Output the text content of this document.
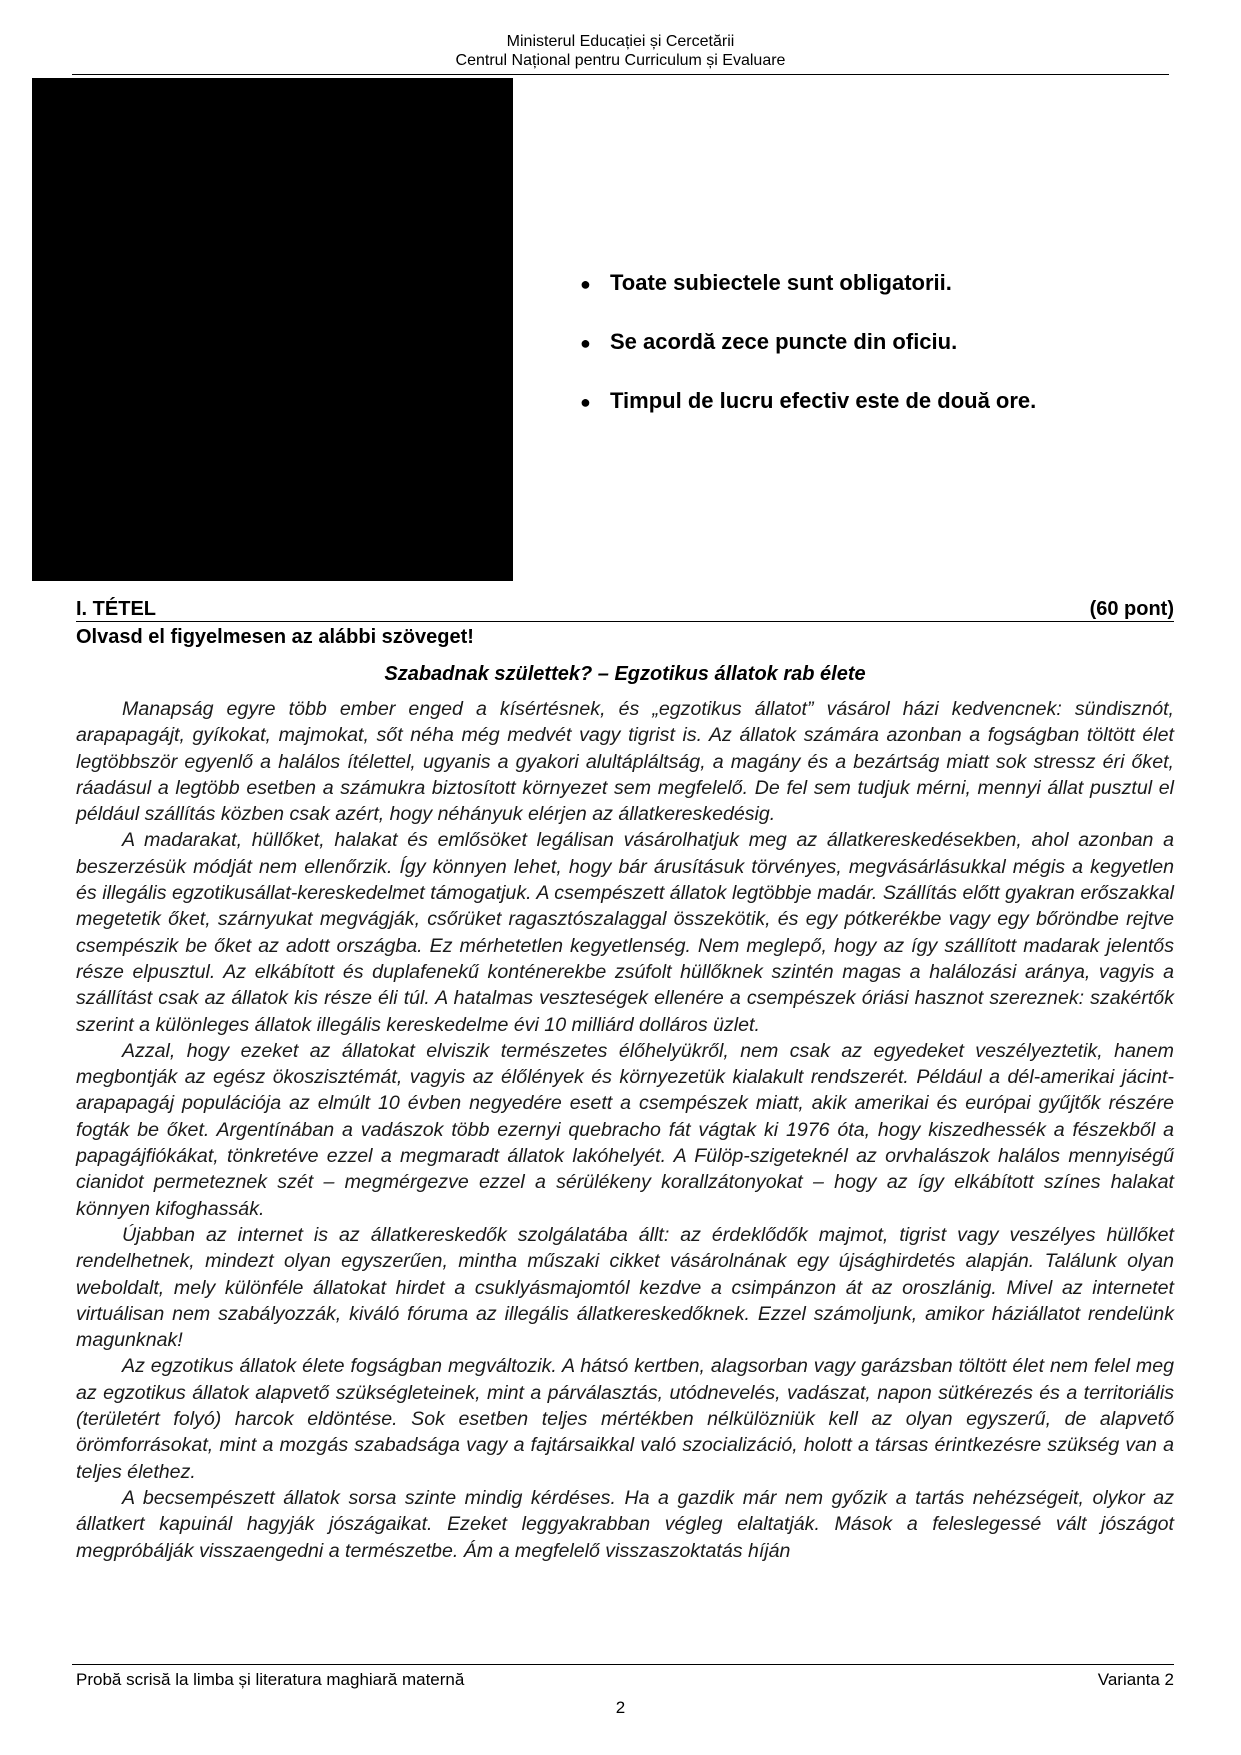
Ministerul Educației și Cercetării
Centrul Național pentru Curriculum și Evaluare
● Toate subiectele sunt obligatorii.
● Se acordă zece puncte din oficiu.
● Timpul de lucru efectiv este de două ore.
I. TÉTEL	(60 pont)
Olvasd el figyelmesen az alábbi szöveget!
Szabadnak születtek? – Egzotikus állatok rab élete

Manapság egyre több ember enged a kísértésnek, és „egzotikus állatot” vásárol házi kedvencnek: sündisznót, arapapagájt, gyíkokat, majmokat, sőt néha még medvét vagy tigrist is. Az állatok számára azonban a fogságban töltött élet legtöbbször egyenlő a halálos ítélettel, ugyanis a gyakori alultápláltság, a magány és a bezártság miatt sok stressz éri őket, ráadásul a legtöbb esetben a számukra biztosított környezet sem megfelelő. De fel sem tudjuk mérni, mennyi állat pusztul el például szállítás közben csak azért, hogy néhányuk elérjen az állatkereskedésig.

A madarakat, hüllőket, halakat és emlősöket legálisan vásárolhatjuk meg az állatkereskedésekben, ahol azonban a beszerzésük módját nem ellenőrzik. Így könnyen lehet, hogy bár árusításuk törvényes, megvásárlásukkal mégis a kegyetlen és illegális egzotikusállat-kereskedelmet támogatjuk. A csempészett állatok legtöbbje madár. Szállítás előtt gyakran erőszakkal megetetik őket, szárnyukat megvágják, csőrüket ragasztószalaggal összekötik, és egy pótkerékbe vagy egy bőröndbe rejtve csempészik be őket az adott országba. Ez mérhetetlen kegyetlenség. Nem meglepő, hogy az így szállított madarak jelentős része elpusztul. Az elkábított és duplafenekű konténerekbe zsúfolt hüllőknek szintén magas a halálozási aránya, vagyis a szállítást csak az állatok kis része éli túl. A hatalmas veszteségek ellenére a csempészek óriási hasznot szereznek: szakértők szerint a különleges állatok illegális kereskedelme évi 10 milliárd dolláros üzlet.

Azzal, hogy ezeket az állatokat elviszik természetes élőhelyükről, nem csak az egyedeket veszélyeztetik, hanem megbontják az egész ökoszisztémát, vagyis az élőlények és környezetük kialakult rendszerét. Például a dél-amerikai jácint-arapapagáj populációja az elmúlt 10 évben negyedére esett a csempészek miatt, akik amerikai és európai gyűjtők részére fogták be őket. Argentínában a vadászok több ezernyi quebracho fát vágtak ki 1976 óta, hogy kiszedhessék a fészekből a papagájfiókákat, tönkretéve ezzel a megmaradt állatok lakóhelyét. A Fülöp-szigeteknél az orvhalászok halálos mennyiségű cianidot permeteznek szét – megmérgezve ezzel a sérülékeny korallzátonyokat – hogy az így elkábított színes halakat könnyen kifoghassák.

Újabban az internet is az állatkereskedők szolgálatába állt: az érdeklődők majmot, tigrist vagy veszélyes hüllőket rendelhetnek, mindezt olyan egyszerűen, mintha műszaki cikket vásárolnának egy újsághirdetés alapján. Találunk olyan weboldalt, mely különféle állatokat hirdet a csuklyásmajomtól kezdve a csimpánzon át az oroszlánig. Mivel az internetet virtuálisan nem szabályozzák, kiváló fóruma az illegális állatkereskedőknek. Ezzel számoljunk, amikor háziállatot rendelünk magunknak!

Az egzotikus állatok élete fogságban megváltozik. A hátsó kertben, alagsorban vagy garázsban töltött élet nem felel meg az egzotikus állatok alapvető szükségleteinek, mint a párválasztás, utódnevelés, vadászat, napon sütkérezés és a territoriális (területért folyó) harcok eldöntése. Sok esetben teljes mértékben nélkülözniük kell az olyan egyszerű, de alapvető örömforrásokat, mint a mozgás szabadsága vagy a fajtársaikkal való szocializáció, holott a társas érintkezésre szükség van a teljes élethez.

A becsempészett állatok sorsa szinte mindig kérdéses. Ha a gazdik már nem győzik a tartás nehézségeit, olykor az állatkert kapuinál hagyják jószágaikat. Ezeket leggyakrabban végleg elaltatják. Mások a feleslegessé vált jószágot megpróbálják visszaengedni a természetbe. Ám a megfelelő visszaszoktatás híján

Probă scrisă la limba și literatura maghiară maternă	Varianta 2
2
